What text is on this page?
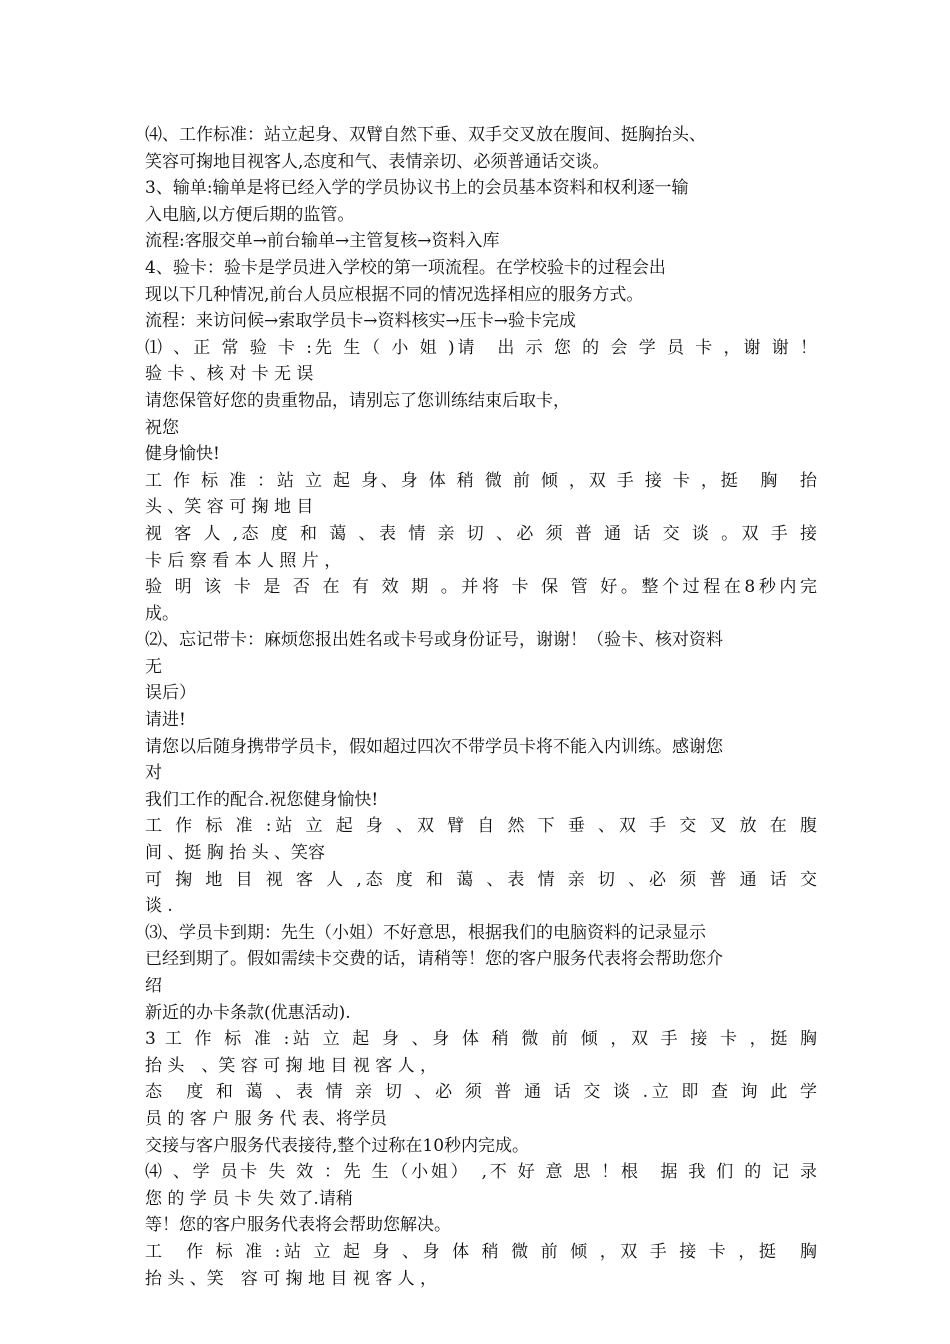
⑷、工作标准：站立起身、双臂自然下垂、双手交叉放在腹间、挺胸抬头、
笑容可掬地目视客人,态度和气、表情亲切、必须普通话交谈。
3、输单:输单是将已经入学的学员协议书上的会员基本资料和权利逐一输
入电脑,以方便后期的监管。
流程:客服交单→前台输单→主管复核→资料入库
4、验卡：验卡是学员进入学校的第一项流程。在学校验卡的过程会出
现以下几种情况,前台人员应根据不同的情况选择相应的服务方式。
流程：来访问候→索取学员卡→资料核实→压卡→验卡完成
⑴ 、正 常 验 卡 :先 生（ 小 姐 )请　出 示 您 的 会 学 员 卡 ，谢 谢 ！
验 卡 、核 对 卡 无 误
请您保管好您的贵重物品，请别忘了您训练结束后取卡，
祝您
健身愉快!
工 作 标 准 ：站 立 起 身、身 体 稍 微 前 倾 ，双 手 接 卡 ，挺　胸　抬
头 、笑 容 可 掬 地 目
视 客 人 ,态 度 和 蔼 、表 情 亲 切 、必 须 普 通 话 交 谈 。双 手 接
卡 后 察 看 本 人 照 片 ，
验 明 该 卡 是 否 在 有 效 期 。并将 卡 保 管 好。整个过程在8秒内完
成。
⑵、忘记带卡：麻烦您报出姓名或卡号或身份证号，谢谢！（验卡、核对资料
无
误后）
请进!
请您以后随身携带学员卡，假如超过四次不带学员卡将不能入内训练。感谢您
对
我们工作的配合.祝您健身愉快!
工 作 标 准 :站 立 起 身 、双 臂 自 然 下 垂 、双 手 交 叉 放 在 腹
间 、挺 胸 抬 头 、笑容
可 掬 地 目 视 客 人 ,态 度 和 蔼 、表 情 亲 切 、必 须 普 通 话 交
谈 .
⑶、学员卡到期：先生（小姐）不好意思，根据我们的电脑资料的记录显示
已经到期了。假如需续卡交费的话，请稍等！您的客户服务代表将会帮助您介
绍
新近的办卡条款(优惠活动).
3 工 作 标 准 :站 立 起 身 、身 体 稍 微 前 倾 ，双 手 接 卡 ，挺 胸
抬 头　、笑 容 可 掬 地 目 视 客 人 ，
态　度 和 蔼 、表 情 亲 切 、必 须 普 通 话 交 谈 .立 即 查 询 此 学
员 的 客 户 服 务 代 表、将学员
交接与客户服务代表接待,整个过称在10秒内完成。
⑷ 、学 员卡 失 效 ：先 生（小姐）　,不 好 意 思 ！根　据 我 们 的 记 录
您 的 学 员 卡 失 效了.请稍
等！您的客户服务代表将会帮助您解决。
工　作 标 准 :站 立 起 身 、身 体 稍 微 前 倾 ，双 手 接 卡 ，挺　胸
抬 头 、笑　容 可 掬 地 目 视 客 人 ，
